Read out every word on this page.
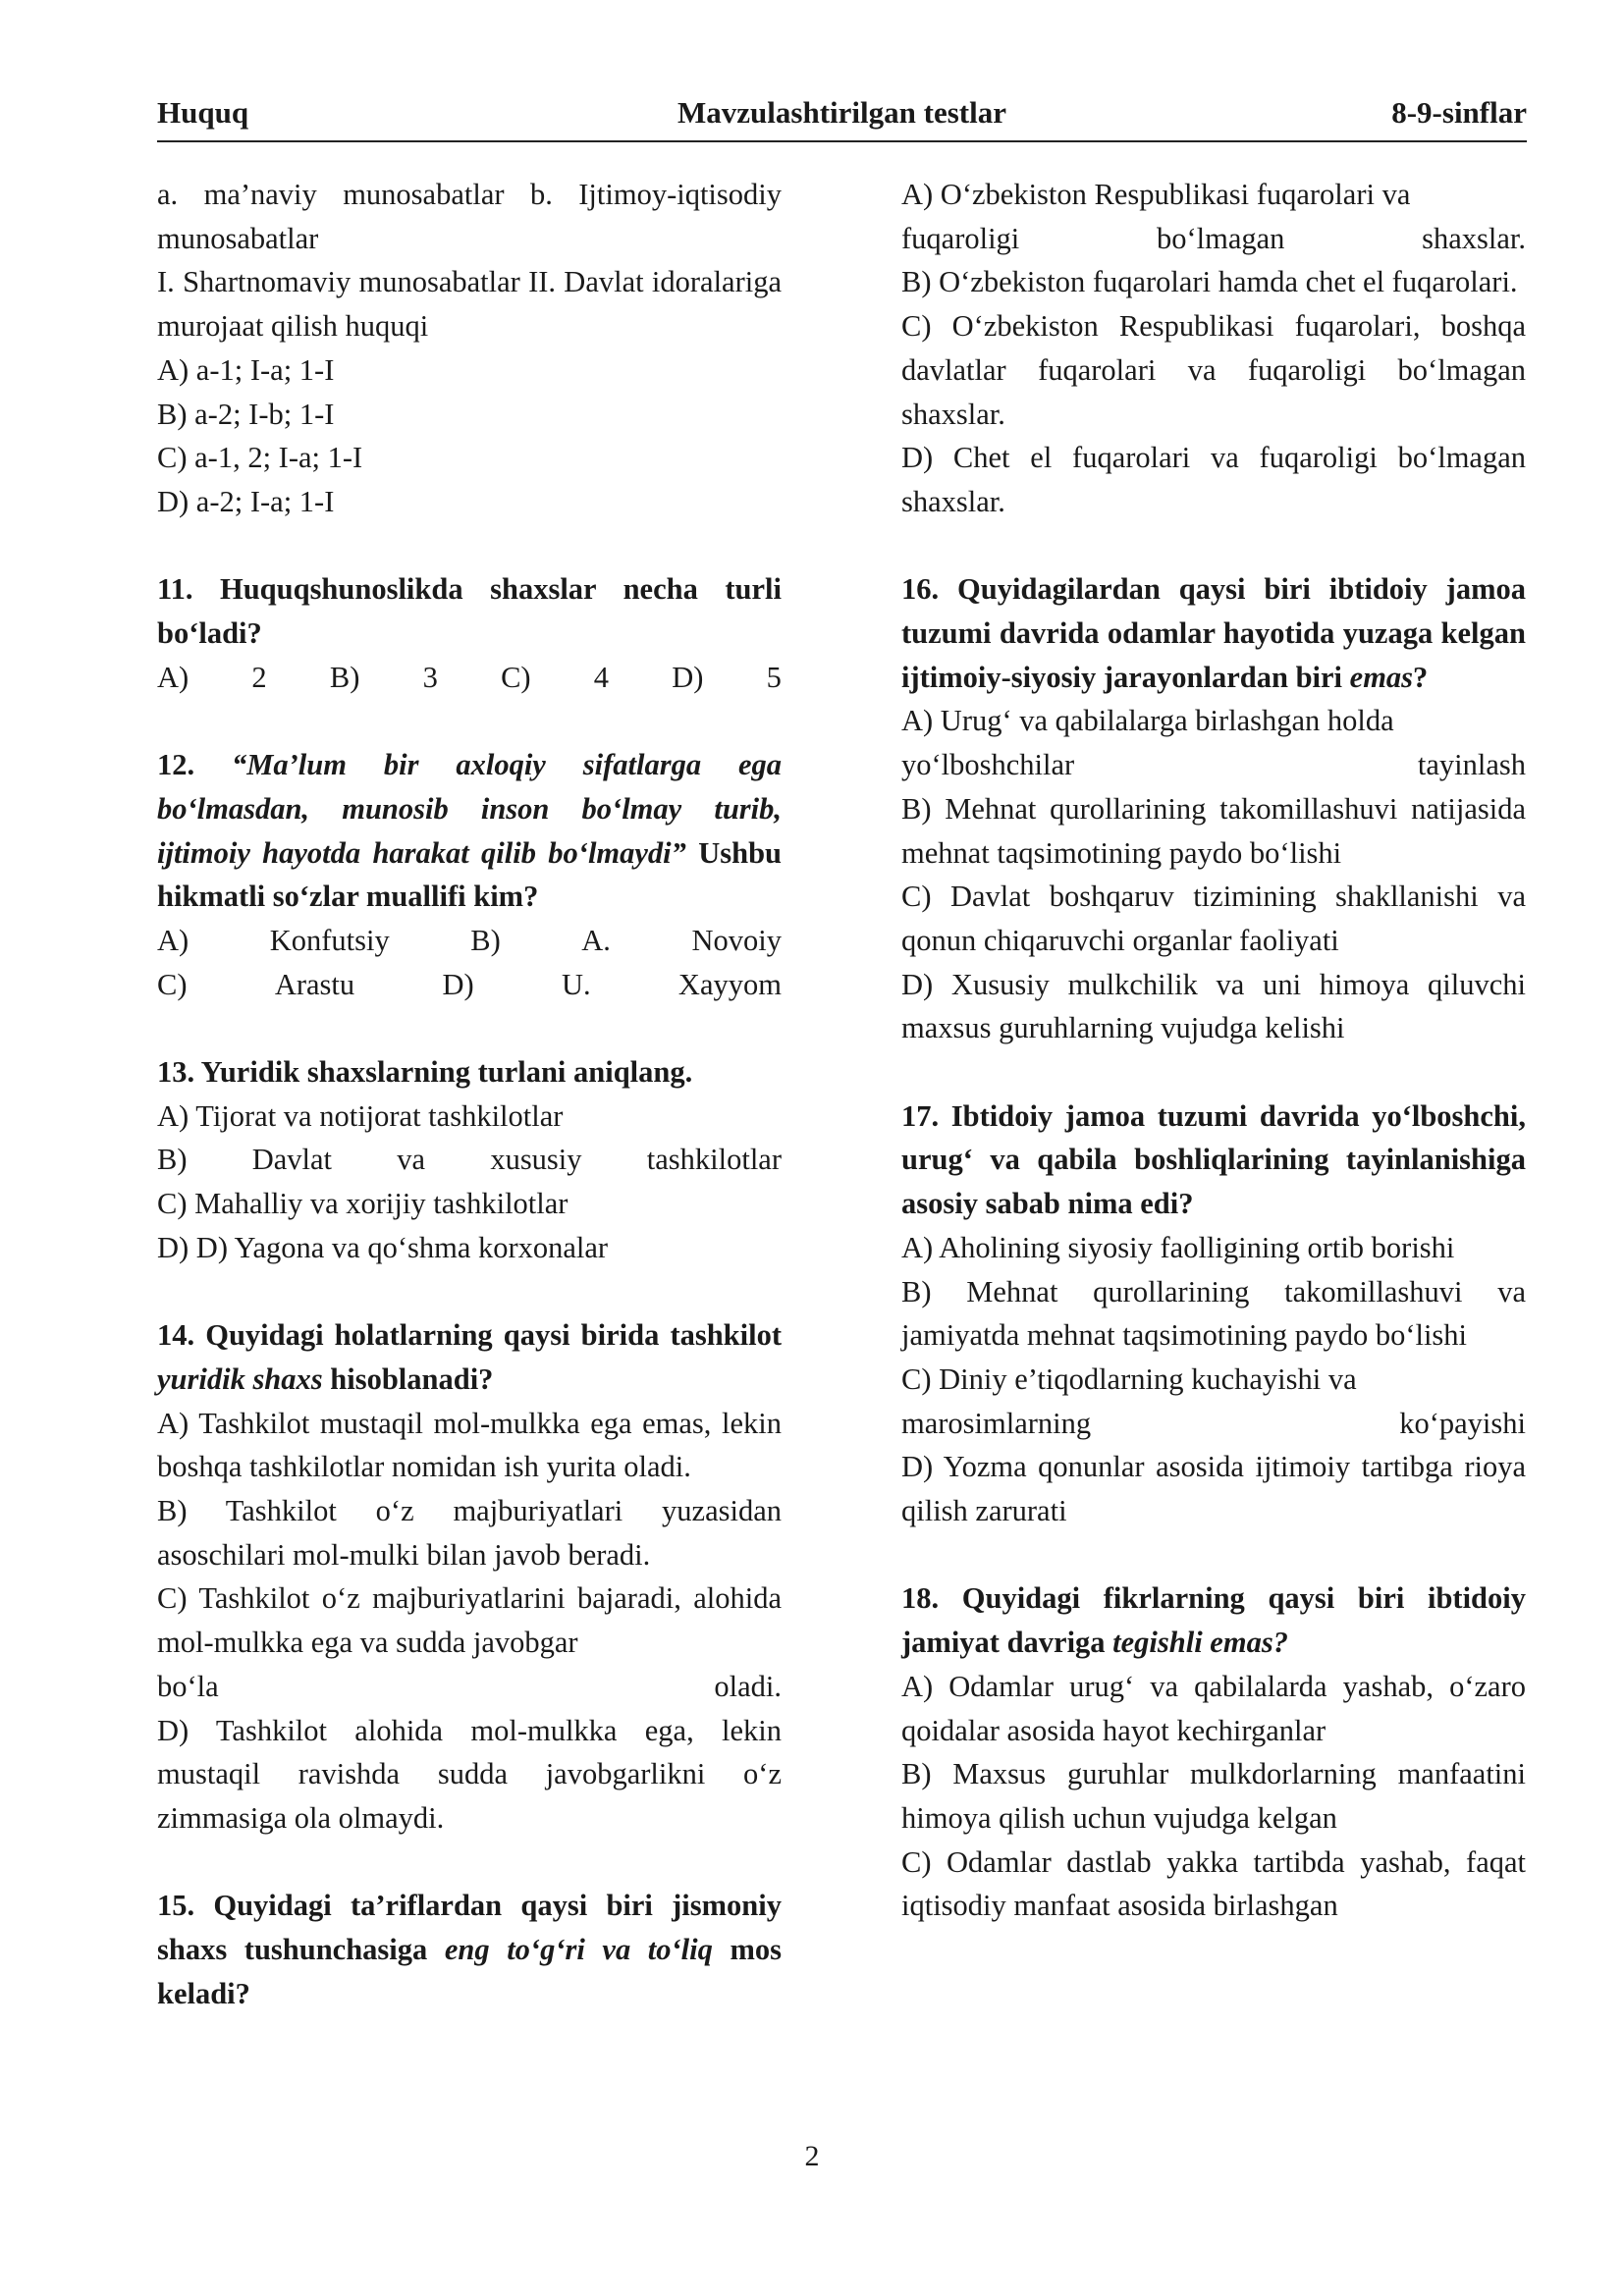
Mavzulashtirilgan testlar
Huquq	8-9-sinflar

a. ma’naviy munosabatlar b. Ijtimoy-iqtisodiy munosabatlar

I. Shartnomaviy munosabatlar II. Davlat idoralariga murojaat qilish huquqi

A) a-1; I-a; 1-I

B) a-2; I-b; 1-I

C) a-1, 2; I-a; 1-I

D) a-2; I-a; 1-I

11. Huquqshunoslikda shaxslar necha turli bo‘ladi?

A) 2 B) 3 C) 4 D) 5

12. “Ma’lum bir axloqiy sifatlarga ega bo‘lmasdan, munosib inson bo‘lmay turib, ijtimoiy hayotda harakat qilib bo‘lmaydi” Ushbu hikmatli so‘zlar muallifi kim?

A)	Konfutsiy	B)	A.	Novoiy
C)	Arastu	D)	U.	Xayyom

13. Yuridik shaxslarning turlani aniqlang.

A) Tijorat va notijorat tashkilotlar

B) Davlat va xususiy tashkilotlar

C) Mahalliy va xorijiy tashkilotlar

D) D) Yagona va qo‘shma korxonalar

14. Quyidagi holatlarning qaysi birida tashkilot yuridik shaxs hisoblanadi?

A) Tashkilot mustaqil mol-mulkka ega emas, lekin boshqa tashkilotlar nomidan ish yurita oladi.

B) Tashkilot o‘z majburiyatlari yuzasidan asoschilari mol-mulki bilan javob beradi.

C) Tashkilot o‘z majburiyatlarini bajaradi, alohida mol-mulkka ega va sudda javobgar

bo‘la	oladi.

D) Tashkilot alohida mol-mulkka ega, lekin mustaqil ravishda sudda javobgarlikni o‘z zimmasiga ola olmaydi.

15. Quyidagi ta’riflardan qaysi biri jismoniy shaxs tushunchasiga eng to‘g‘ri va to‘liq mos keladi?

A) O‘zbekiston Respublikasi fuqarolari va

fuqaroligi	bo‘lmagan	shaxslar.

B) O‘zbekiston fuqarolari hamda chet el fuqarolari.

C) O‘zbekiston Respublikasi fuqarolari, boshqa davlatlar fuqarolari va fuqaroligi bo‘lmagan shaxslar.

D) Chet el fuqarolari va fuqaroligi bo‘lmagan shaxslar.

16. Quyidagilardan qaysi biri ibtidoiy jamoa tuzumi davrida odamlar hayotida yuzaga kelgan ijtimoiy-siyosiy jarayonlardan biri emas?

A) Urug‘ va qabilalarga birlashgan holda

yo‘lboshchilar	tayinlash

B) Mehnat qurollarining takomillashuvi natijasida mehnat taqsimotining paydo bo‘lishi

C) Davlat boshqaruv tizimining shakllanishi va qonun chiqaruvchi organlar faoliyati

D) Xususiy mulkchilik va uni himoya qiluvchi maxsus guruhlarning vujudga kelishi

17. Ibtidoiy jamoa tuzumi davrida yo‘lboshchi, urug‘ va qabila boshliqlarining tayinlanishiga asosiy sabab nima edi?

A) Aholining siyosiy faolligining ortib borishi

B) Mehnat qurollarining takomillashuvi va jamiyatda mehnat taqsimotining paydo bo‘lishi

C) Diniy e’tiqodlarning kuchayishi va

marosimlarning	ko‘payishi

D) Yozma qonunlar asosida ijtimoiy tartibga rioya qilish zarurati

18. Quyidagi fikrlarning qaysi biri ibtidoiy jamiyat davriga tegishli emas?

A) Odamlar urug‘ va qabilalarda yashab, o‘zaro qoidalar asosida hayot kechirganlar

B) Maxsus guruhlar mulkdorlarning manfaatini himoya qilish uchun vujudga kelgan

C) Odamlar dastlab yakka tartibda yashab, faqat iqtisodiy manfaat asosida birlashgan

2
